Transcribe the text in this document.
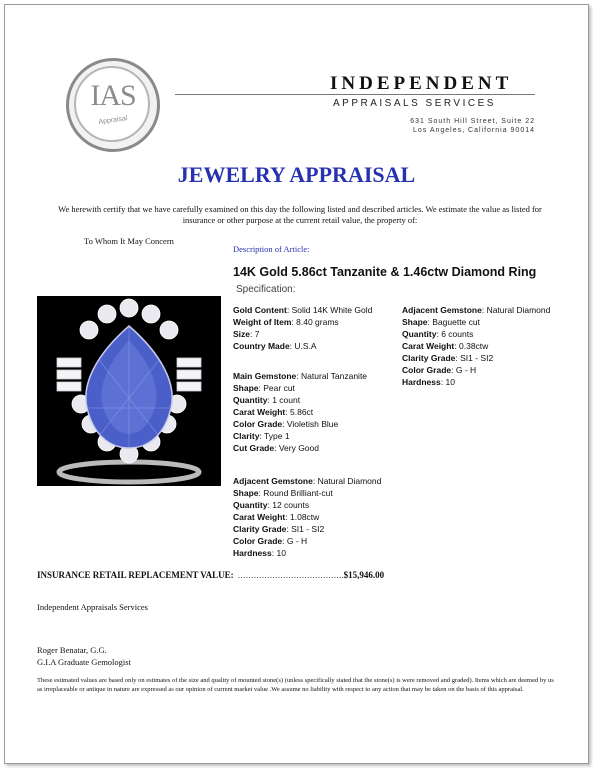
IAS
Appraisal
INDEPENDENT
APPRAISALS SERVICES
631 South Hill Street, Suite 22
Los Angeles, California 90014
JEWELRY APPRAISAL
We herewith certify that we have carefully examined on this day the following listed and described articles. We estimate the value as listed for insurance or other purpose at the current retail value, the property of:
To Whom It May Concern
Description of Article:
14K Gold 5.86ct Tanzanite & 1.46ctw Diamond Ring
Specification:
Gold Content: Solid 14K White Gold
Weight of Item: 8.40 grams
Size: 7
Country Made: U.S.A
Adjacent Gemstone: Natural Diamond
Shape: Baguette cut
Quantity: 6 counts
Carat Weight: 0.38ctw
Clarity Grade: SI1 - SI2
Color Grade: G - H
Hardness: 10
Main Gemstone: Natural Tanzanite
Shape: Pear cut
Quantity: 1 count
Carat Weight: 5.86ct
Color Grade: Violetish Blue
Clarity: Type 1
Cut Grade: Very Good
Adjacent Gemstone: Natural Diamond
Shape: Round Brilliant-cut
Quantity: 12 counts
Carat Weight: 1.08ctw
Clarity Grade: SI1 - SI2
Color Grade: G - H
Hardness: 10
INSURANCE RETAIL REPLACEMENT VALUE: ………………………………….$15,946.00
Independent Appraisals Services
Roger Benatar, G.G.
G.I.A Graduate Gemologist
These estimated values are based only on estimates of the size and quality of mounted stone(s) (unless specifically stated that the stone(s) is were removed and graded). Items which are deemed by us as irreplaceable or antique in nature are expressed as our opinion of current market value .We assume no liability with respect to any action that may be taken on the basis of this appraisal.
